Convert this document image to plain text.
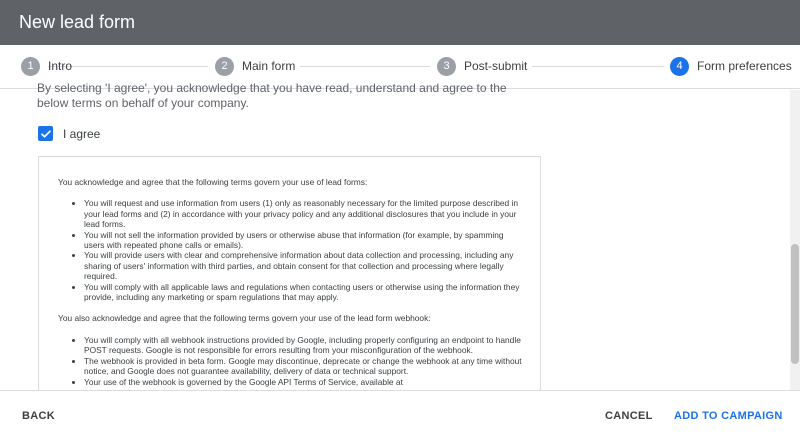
New lead form
1	Intro	2	Main form	3	Post-submit	4	Form preferences
By selecting 'I agree', you acknowledge that you have read, understand and agree to the below terms on behalf of your company.
I agree

You acknowledge and agree that the following terms govern your use of lead forms:

• You will request and use information from users (1) only as reasonably necessary for the limited purpose described in your lead forms and (2) in accordance with your privacy policy and any additional disclosures that you include in your lead forms.
• You will not sell the information provided by users or otherwise abuse that information (for example, by spamming users with repeated phone calls or emails).
• You will provide users with clear and comprehensive information about data collection and processing, including any sharing of users' information with third parties, and obtain consent for that collection and processing where legally required.
• You will comply with all applicable laws and regulations when contacting users or otherwise using the information they provide, including any marketing or spam regulations that may apply.

You also acknowledge and agree that the following terms govern your use of the lead form webhook:

• You will comply with all webhook instructions provided by Google, including properly configuring an endpoint to handle POST requests. Google is not responsible for errors resulting from your misconfiguration of the webhook.
• The webhook is provided in beta form. Google may discontinue, deprecate or change the webhook at any time without notice, and Google does not guarantee availability, delivery of data or technical support.
• Your use of the webhook is governed by the Google API Terms of Service, available at
BACK	CANCEL ADD TO CAMPAIGN
